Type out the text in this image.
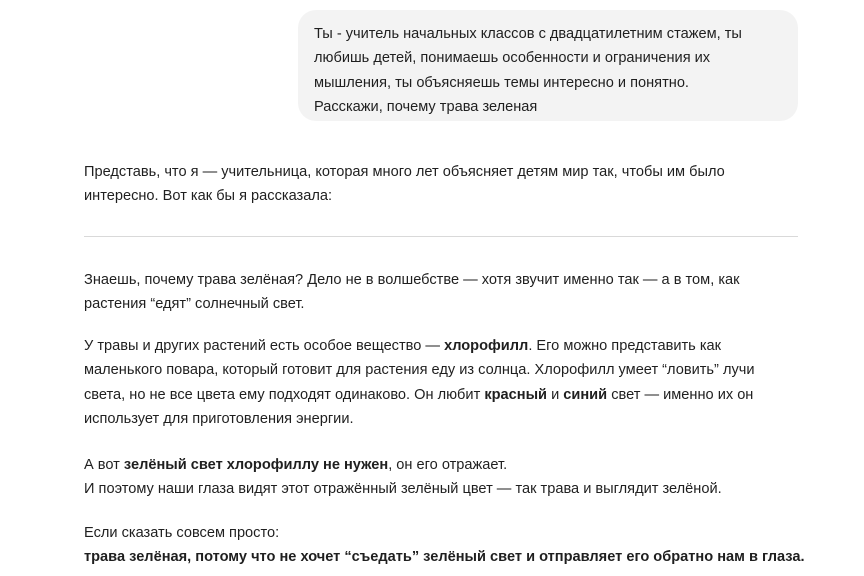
Ты - учитель начальных классов с двадцатилетним стажем, ты
любишь детей, понимаешь особенности и ограничения их
мышления, ты объясняешь темы интересно и понятно.
Расскажи, почему трава зеленая
Представь, что я — учительница, которая много лет объясняет детям мир так, чтобы им было
интересно. Вот как бы я рассказала:
Знаешь, почему трава зелёная? Дело не в волшебстве — хотя звучит именно так — а в том, как
растения “едят” солнечный свет.
У травы и других растений есть особое вещество — хлорофилл. Его можно представить как
маленького повара, который готовит для растения еду из солнца. Хлорофилл умеет “ловить” лучи
света, но не все цвета ему подходят одинаково. Он любит красный и синий свет — именно их он
использует для приготовления энергии.
А вот зелёный свет хлорофиллу не нужен, он его отражает.
И поэтому наши глаза видят этот отражённый зелёный цвет — так трава и выглядит зелёной.
Если сказать совсем просто:
трава зелёная, потому что не хочет “съедать” зелёный свет и отправляет его обратно нам в глаза.
